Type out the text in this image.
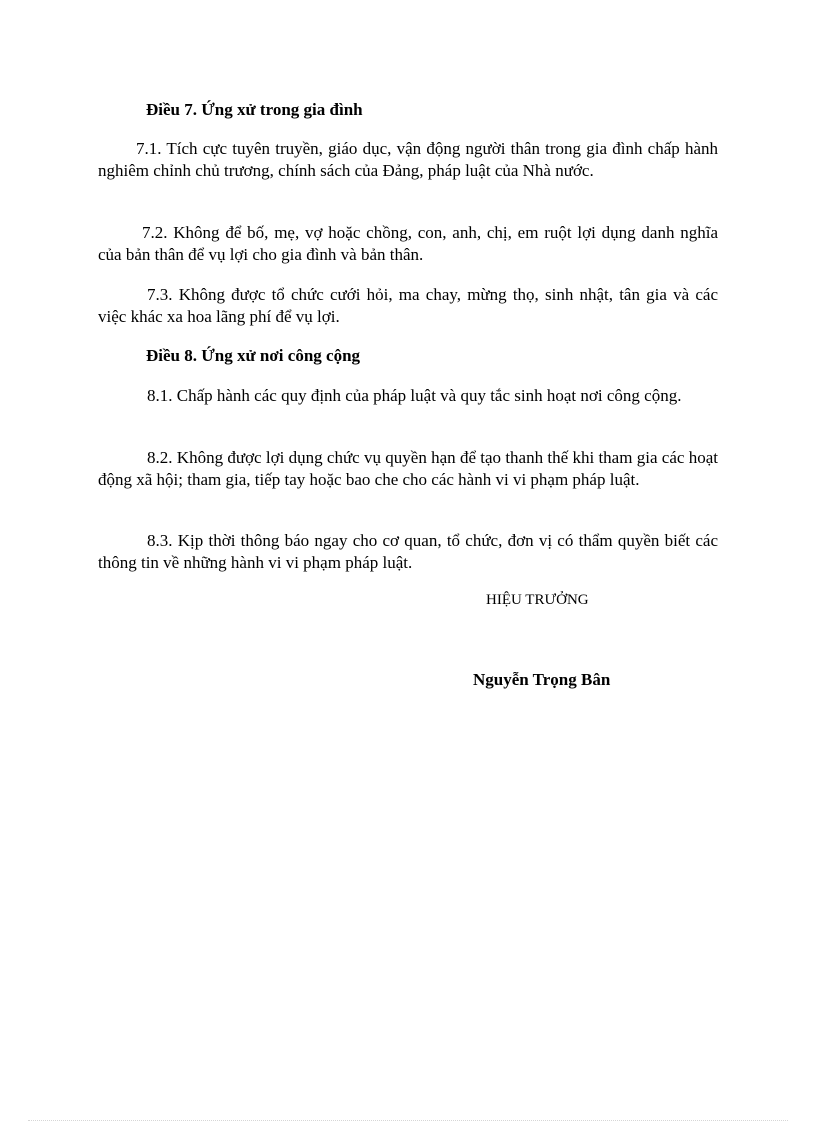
Điều 7. Ứng xử trong gia đình
7.1. Tích cực tuyên truyền, giáo dục, vận động người thân trong gia đình chấp hành nghiêm chỉnh chủ trương, chính sách của Đảng, pháp luật của Nhà nước.
7.2. Không để bố, mẹ, vợ hoặc chồng, con, anh, chị, em ruột lợi dụng danh nghĩa của bản thân để vụ lợi cho gia đình và bản thân.
7.3. Không được tổ chức cưới hỏi, ma chay, mừng thọ, sinh nhật, tân gia và các việc khác xa hoa lãng phí để vụ lợi.
Điều 8. Ứng xử nơi công cộng
8.1. Chấp hành các quy định của pháp luật và quy tắc sinh hoạt nơi công cộng.
8.2. Không được lợi dụng chức vụ quyền hạn để tạo thanh thế khi tham gia các hoạt động xã hội; tham gia, tiếp tay hoặc bao che cho các hành vi vi phạm pháp luật.
8.3. Kịp thời thông báo ngay cho cơ quan, tổ chức, đơn vị có thẩm quyền biết các thông tin về những hành vi vi phạm pháp luật.
HIỆU TRƯỞNG
Nguyễn Trọng Bân
